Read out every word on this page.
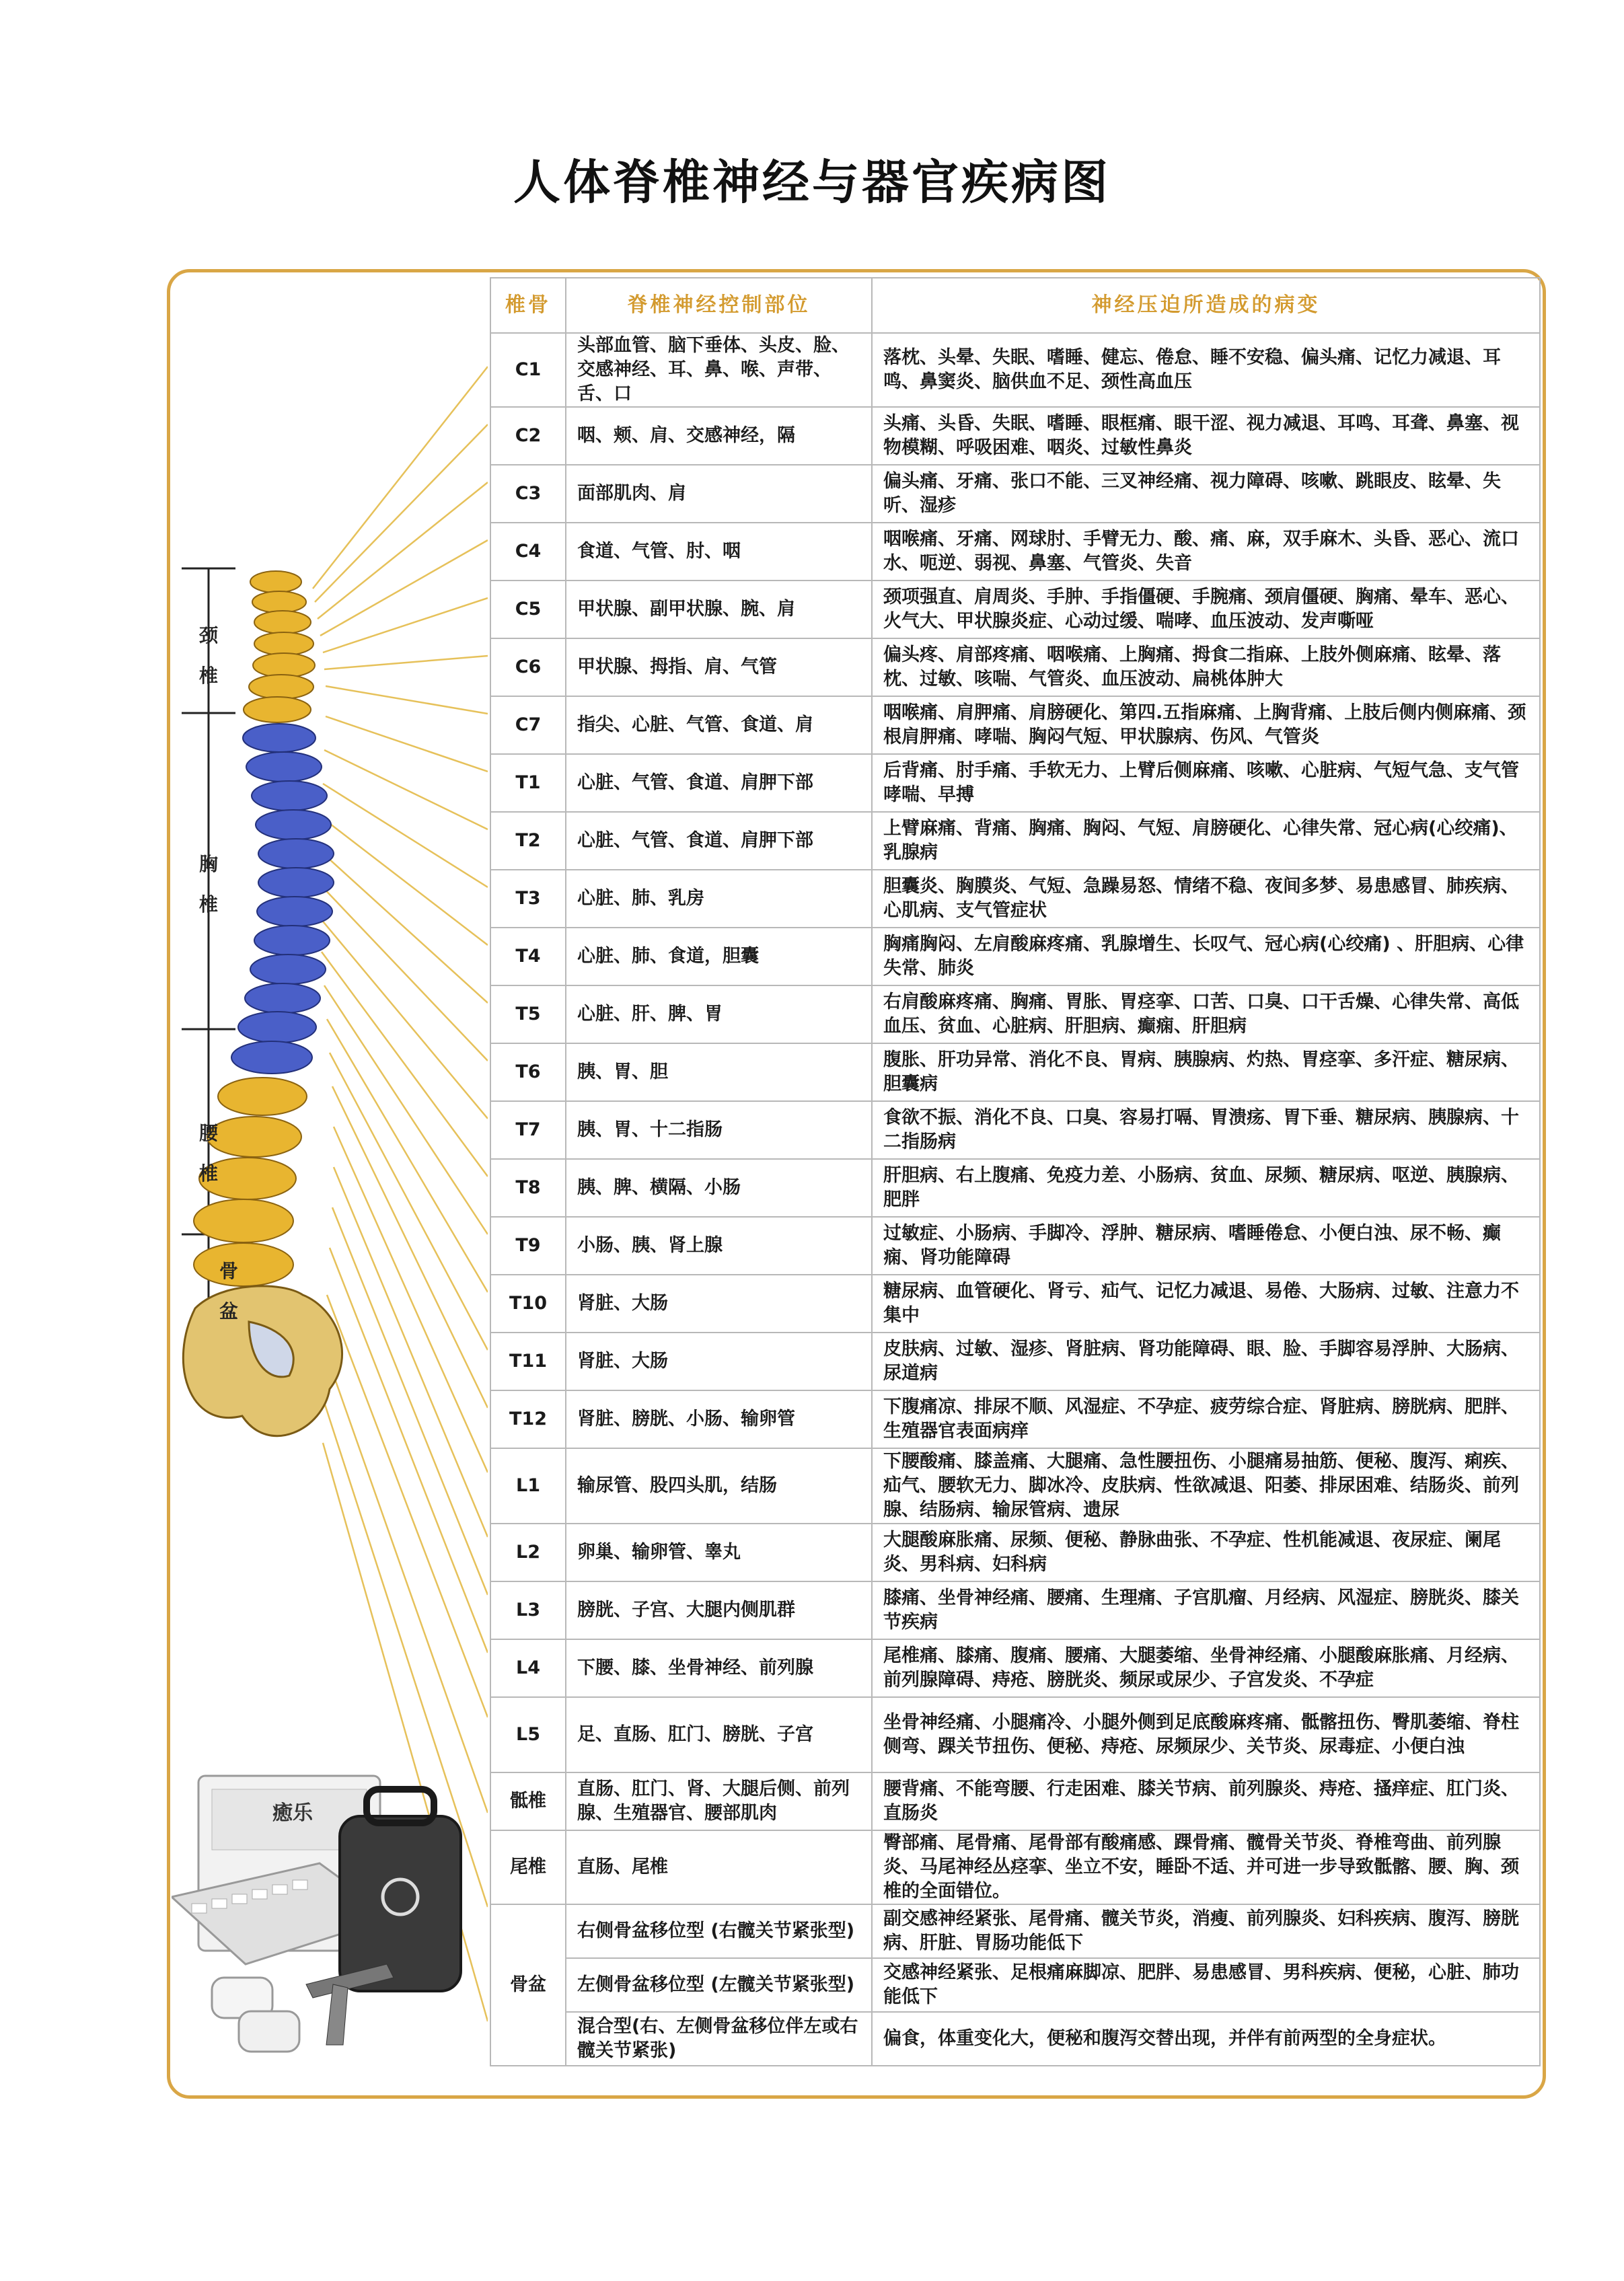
人体脊椎神经与器官疾病图
颈椎
胸椎
腰椎
骨盆
癒乐
椎骨	脊椎神经控制部位	神经压迫所造成的病变
C1	头部血管、脑下垂体、头皮、脸、交感神经、耳、鼻、喉、声带、舌、口	落枕、头晕、失眠、嗜睡、健忘、倦怠、睡不安稳、偏头痛、记忆力减退、耳鸣、鼻窦炎、脑供血不足、颈性高血压
C2	咽、颊、肩、交感神经，隔	头痛、头昏、失眠、嗜睡、眼框痛、眼干涩、视力减退、耳鸣、耳聋、鼻塞、视物模糊、呼吸困难、咽炎、过敏性鼻炎
C3	面部肌肉、肩	偏头痛、牙痛、张口不能、三叉神经痛、视力障碍、咳嗽、跳眼皮、眩晕、失听、湿疹
C4	食道、气管、肘、咽	咽喉痛、牙痛、网球肘、手臂无力、酸、痛、麻，双手麻木、头昏、恶心、流口水、呃逆、弱视、鼻塞、气管炎、失音
C5	甲状腺、副甲状腺、腕、肩	颈项强直、肩周炎、手肿、手指僵硬、手腕痛、颈肩僵硬、胸痛、晕车、恶心、火气大、甲状腺炎症、心动过缓、喘哮、血压波动、发声嘶哑
C6	甲状腺、拇指、肩、气管	偏头疼、肩部疼痛、咽喉痛、上胸痛、拇食二指麻、上肢外侧麻痛、眩晕、落枕、过敏、咳喘、气管炎、血压波动、扁桃体肿大
C7	指尖、心脏、气管、食道、肩	咽喉痛、肩胛痛、肩膀硬化、第四.五指麻痛、上胸背痛、上肢后侧内侧麻痛、颈根肩胛痛、哮喘、胸闷气短、甲状腺病、伤风、气管炎
T1	心脏、气管、食道、肩胛下部	后背痛、肘手痛、手软无力、上臂后侧麻痛、咳嗽、心脏病、气短气急、支气管哮喘、早搏
T2	心脏、气管、食道、肩胛下部	上臂麻痛、背痛、胸痛、胸闷、气短、肩膀硬化、心律失常、冠心病(心绞痛)、乳腺病
T3	心脏、肺、乳房	胆囊炎、胸膜炎、气短、急躁易怒、情绪不稳、夜间多梦、易患感冒、肺疾病、心肌病、支气管症状
T4	心脏、肺、食道，胆囊	胸痛胸闷、左肩酸麻疼痛、乳腺增生、长叹气、冠心病(心绞痛) 、肝胆病、心律失常、肺炎
T5	心脏、肝、脾、胃	右肩酸麻疼痛、胸痛、胃胀、胃痉挛、口苦、口臭、口干舌燥、心律失常、高低血压、贫血、心脏病、肝胆病、癫痫、肝胆病
T6	胰、胃、胆	腹胀、肝功异常、消化不良、胃病、胰腺病、灼热、胃痉挛、多汗症、糖尿病、胆囊病
T7	胰、胃、十二指肠	食欲不振、消化不良、口臭、容易打嗝、胃溃疡、胃下垂、糖尿病、胰腺病、十二指肠病
T8	胰、脾、横隔、小肠	肝胆病、右上腹痛、免疫力差、小肠病、贫血、尿频、糖尿病、呕逆、胰腺病、肥胖
T9	小肠、胰、肾上腺	过敏症、小肠病、手脚冷、浮肿、糖尿病、嗜睡倦怠、小便白浊、尿不畅、癫痫、肾功能障碍
T10	肾脏、大肠	糖尿病、血管硬化、肾亏、疝气、记忆力减退、易倦、大肠病、过敏、注意力不集中
T11	肾脏、大肠	皮肤病、过敏、湿疹、肾脏病、肾功能障碍、眼、脸、手脚容易浮肿、大肠病、尿道病
T12	肾脏、膀胱、小肠、输卵管	下腹痛凉、排尿不顺、风湿症、不孕症、疲劳综合症、肾脏病、膀胱病、肥胖、生殖器官表面病痒
L1	输尿管、股四头肌，结肠	下腰酸痛、膝盖痛、大腿痛、急性腰扭伤、小腿痛易抽筋、便秘、腹泻、痢疾、疝气、腰软无力、脚冰冷、皮肤病、性欲减退、阳萎、排尿困难、结肠炎、前列腺、结肠病、输尿管病、遗尿
L2	卵巢、输卵管、睾丸	大腿酸麻胀痛、尿频、便秘、静脉曲张、不孕症、性机能减退、夜尿症、阑尾炎、男科病、妇科病
L3	膀胱、子宫、大腿内侧肌群	膝痛、坐骨神经痛、腰痛、生理痛、子宫肌瘤、月经病、风湿症、膀胱炎、膝关节疾病
L4	下腰、膝、坐骨神经、前列腺	尾椎痛、膝痛、腹痛、腰痛、大腿萎缩、坐骨神经痛、小腿酸麻胀痛、月经病、前列腺障碍、痔疮、膀胱炎、频尿或尿少、子宫发炎、不孕症
L5	足、直肠、肛门、膀胱、子宫	坐骨神经痛、小腿痛冷、小腿外侧到足底酸麻疼痛、骶髂扭伤、臀肌萎缩、脊柱侧弯、踝关节扭伤、便秘、痔疮、尿频尿少、关节炎、尿毒症、小便白浊
骶椎	直肠、肛门、肾、大腿后侧、前列腺、生殖器官、腰部肌肉	腰背痛、不能弯腰、行走困难、膝关节病、前列腺炎、痔疮、搔痒症、肛门炎、直肠炎
尾椎	直肠、尾椎	臀部痛、尾骨痛、尾骨部有酸痛感、踝骨痛、髋骨关节炎、脊椎弯曲、前列腺炎、马尾神经丛痉挛、坐立不安，睡卧不适、并可进一步导致骶髂、腰、胸、颈椎的全面错位。
骨盆	右侧骨盆移位型 (右髋关节紧张型)	副交感神经紧张、尾骨痛、髋关节炎，消瘦、前列腺炎、妇科疾病、腹泻、膀胱病、肝脏、胃肠功能低下
	左侧骨盆移位型 (左髋关节紧张型)	交感神经紧张、足根痛麻脚凉、肥胖、易患感冒、男科疾病、便秘，心脏、肺功能低下
	混合型(右、左侧骨盆移位伴左或右髋关节紧张)	偏食，体重变化大，便秘和腹泻交替出现，并伴有前两型的全身症状。
